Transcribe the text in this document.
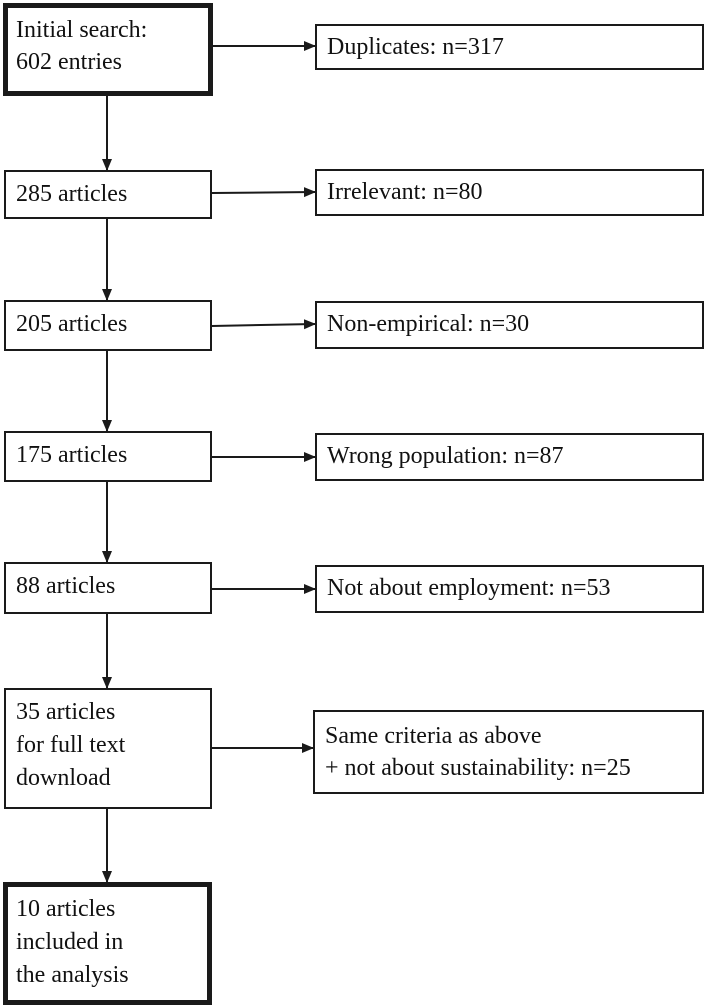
Initial search:
602 entries
285 articles
205 articles
175 articles
88 articles
35 articles
for full text
download
10 articles
included in
the analysis
Duplicates: n=317
Irrelevant: n=80
Non-empirical: n=30
Wrong population: n=87
Not about employment: n=53
Same criteria as above
+ not about sustainability: n=25
